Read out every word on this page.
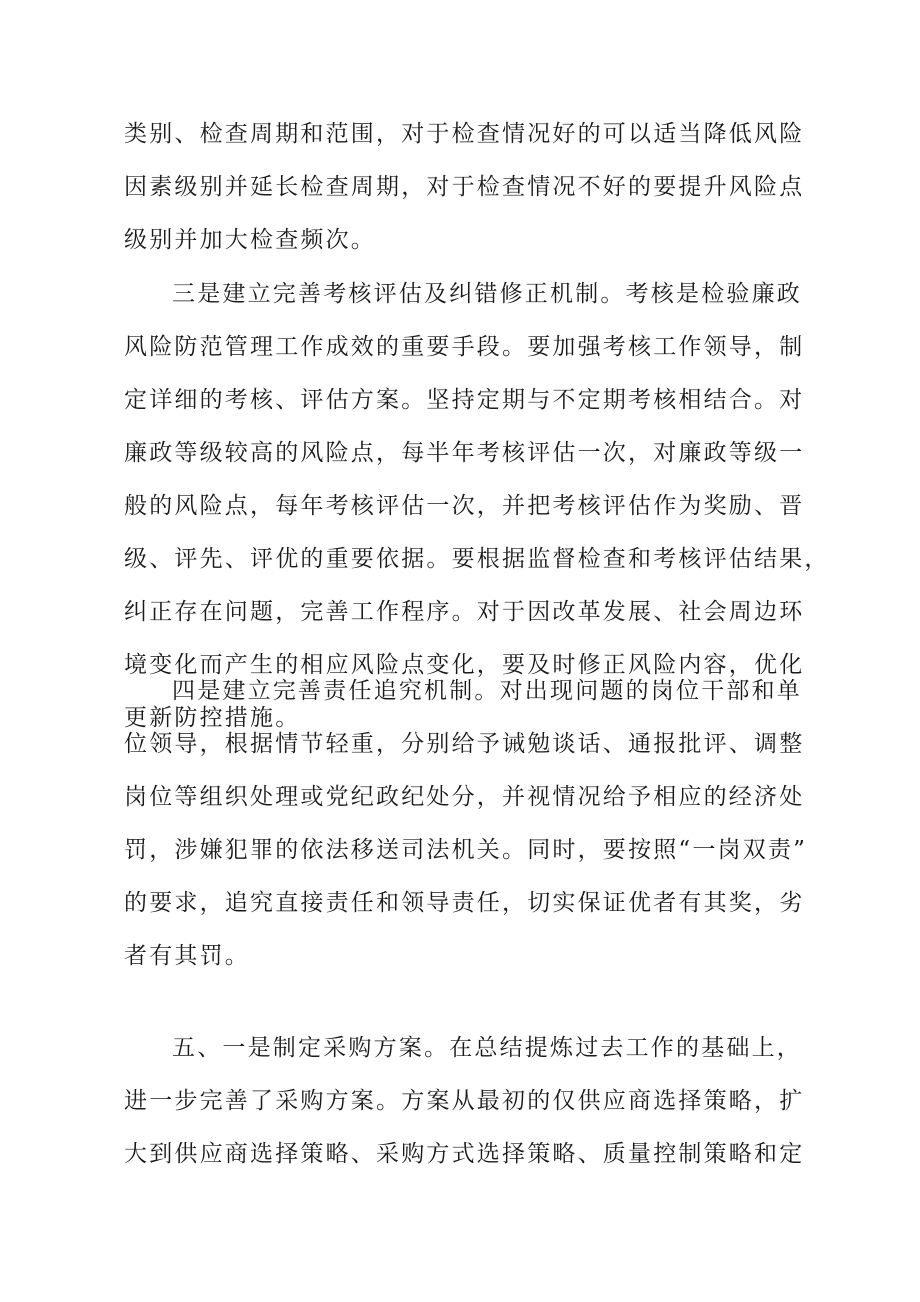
类别、检查周期和范围，对于检查情况好的可以适当降低风险
因素级别并延长检查周期，对于检查情况不好的要提升风险点
级别并加大检查频次。
三是建立完善考核评估及纠错修正机制。考核是检验廉政
风险防范管理工作成效的重要手段。要加强考核工作领导，制
定详细的考核、评估方案。坚持定期与不定期考核相结合。对
廉政等级较高的风险点，每半年考核评估一次，对廉政等级一
般的风险点，每年考核评估一次，并把考核评估作为奖励、晋
级、评先、评优的重要依据。要根据监督检查和考核评估结果，
纠正存在问题，完善工作程序。对于因改革发展、社会周边环
境变化而产生的相应风险点变化，要及时修正风险内容，优化
更新防控措施。
四是建立完善责任追究机制。对出现问题的岗位干部和单
位领导，根据情节轻重，分别给予诫勉谈话、通报批评、调整
岗位等组织处理或党纪政纪处分，并视情况给予相应的经济处
罚，涉嫌犯罪的依法移送司法机关。同时，要按照“一岗双责”
的要求，追究直接责任和领导责任，切实保证优者有其奖，劣
者有其罚。
五、一是制定采购方案。在总结提炼过去工作的基础上，
进一步完善了采购方案。方案从最初的仅供应商选择策略，扩
大到供应商选择策略、采购方式选择策略、质量控制策略和定
